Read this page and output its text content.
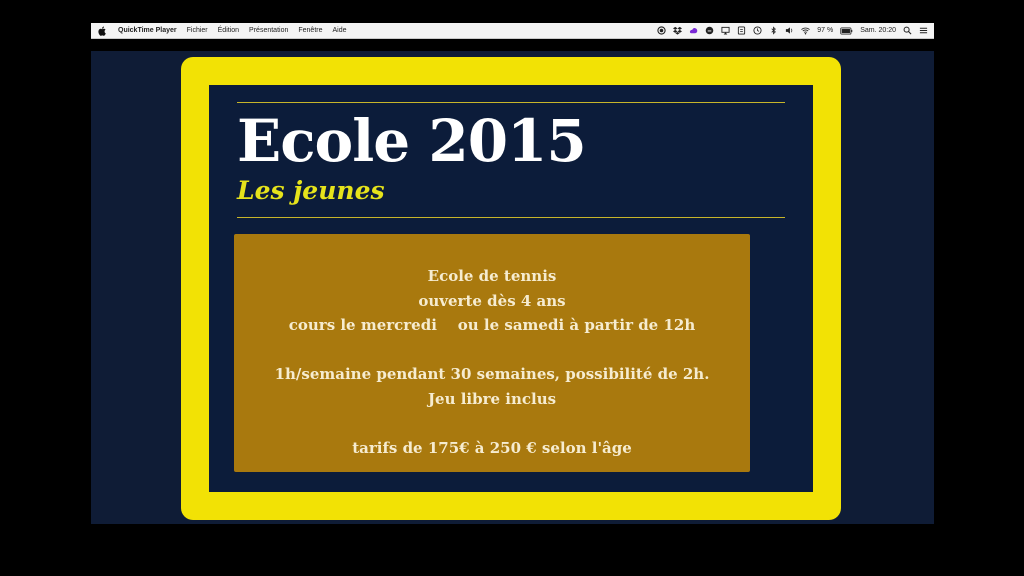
QuickTime Player Fichier Édition Présentation Fenêtre Aide	97 %	Sam. 20:20
Ecole 2015
Les jeunes
Ecole de tennis
ouverte dès 4 ans
cours le mercredi    ou le samedi à partir de 12h
1h/semaine pendant 30 semaines, possibilité de 2h.
Jeu libre inclus
tarifs de 175€ à 250 € selon l'âge
